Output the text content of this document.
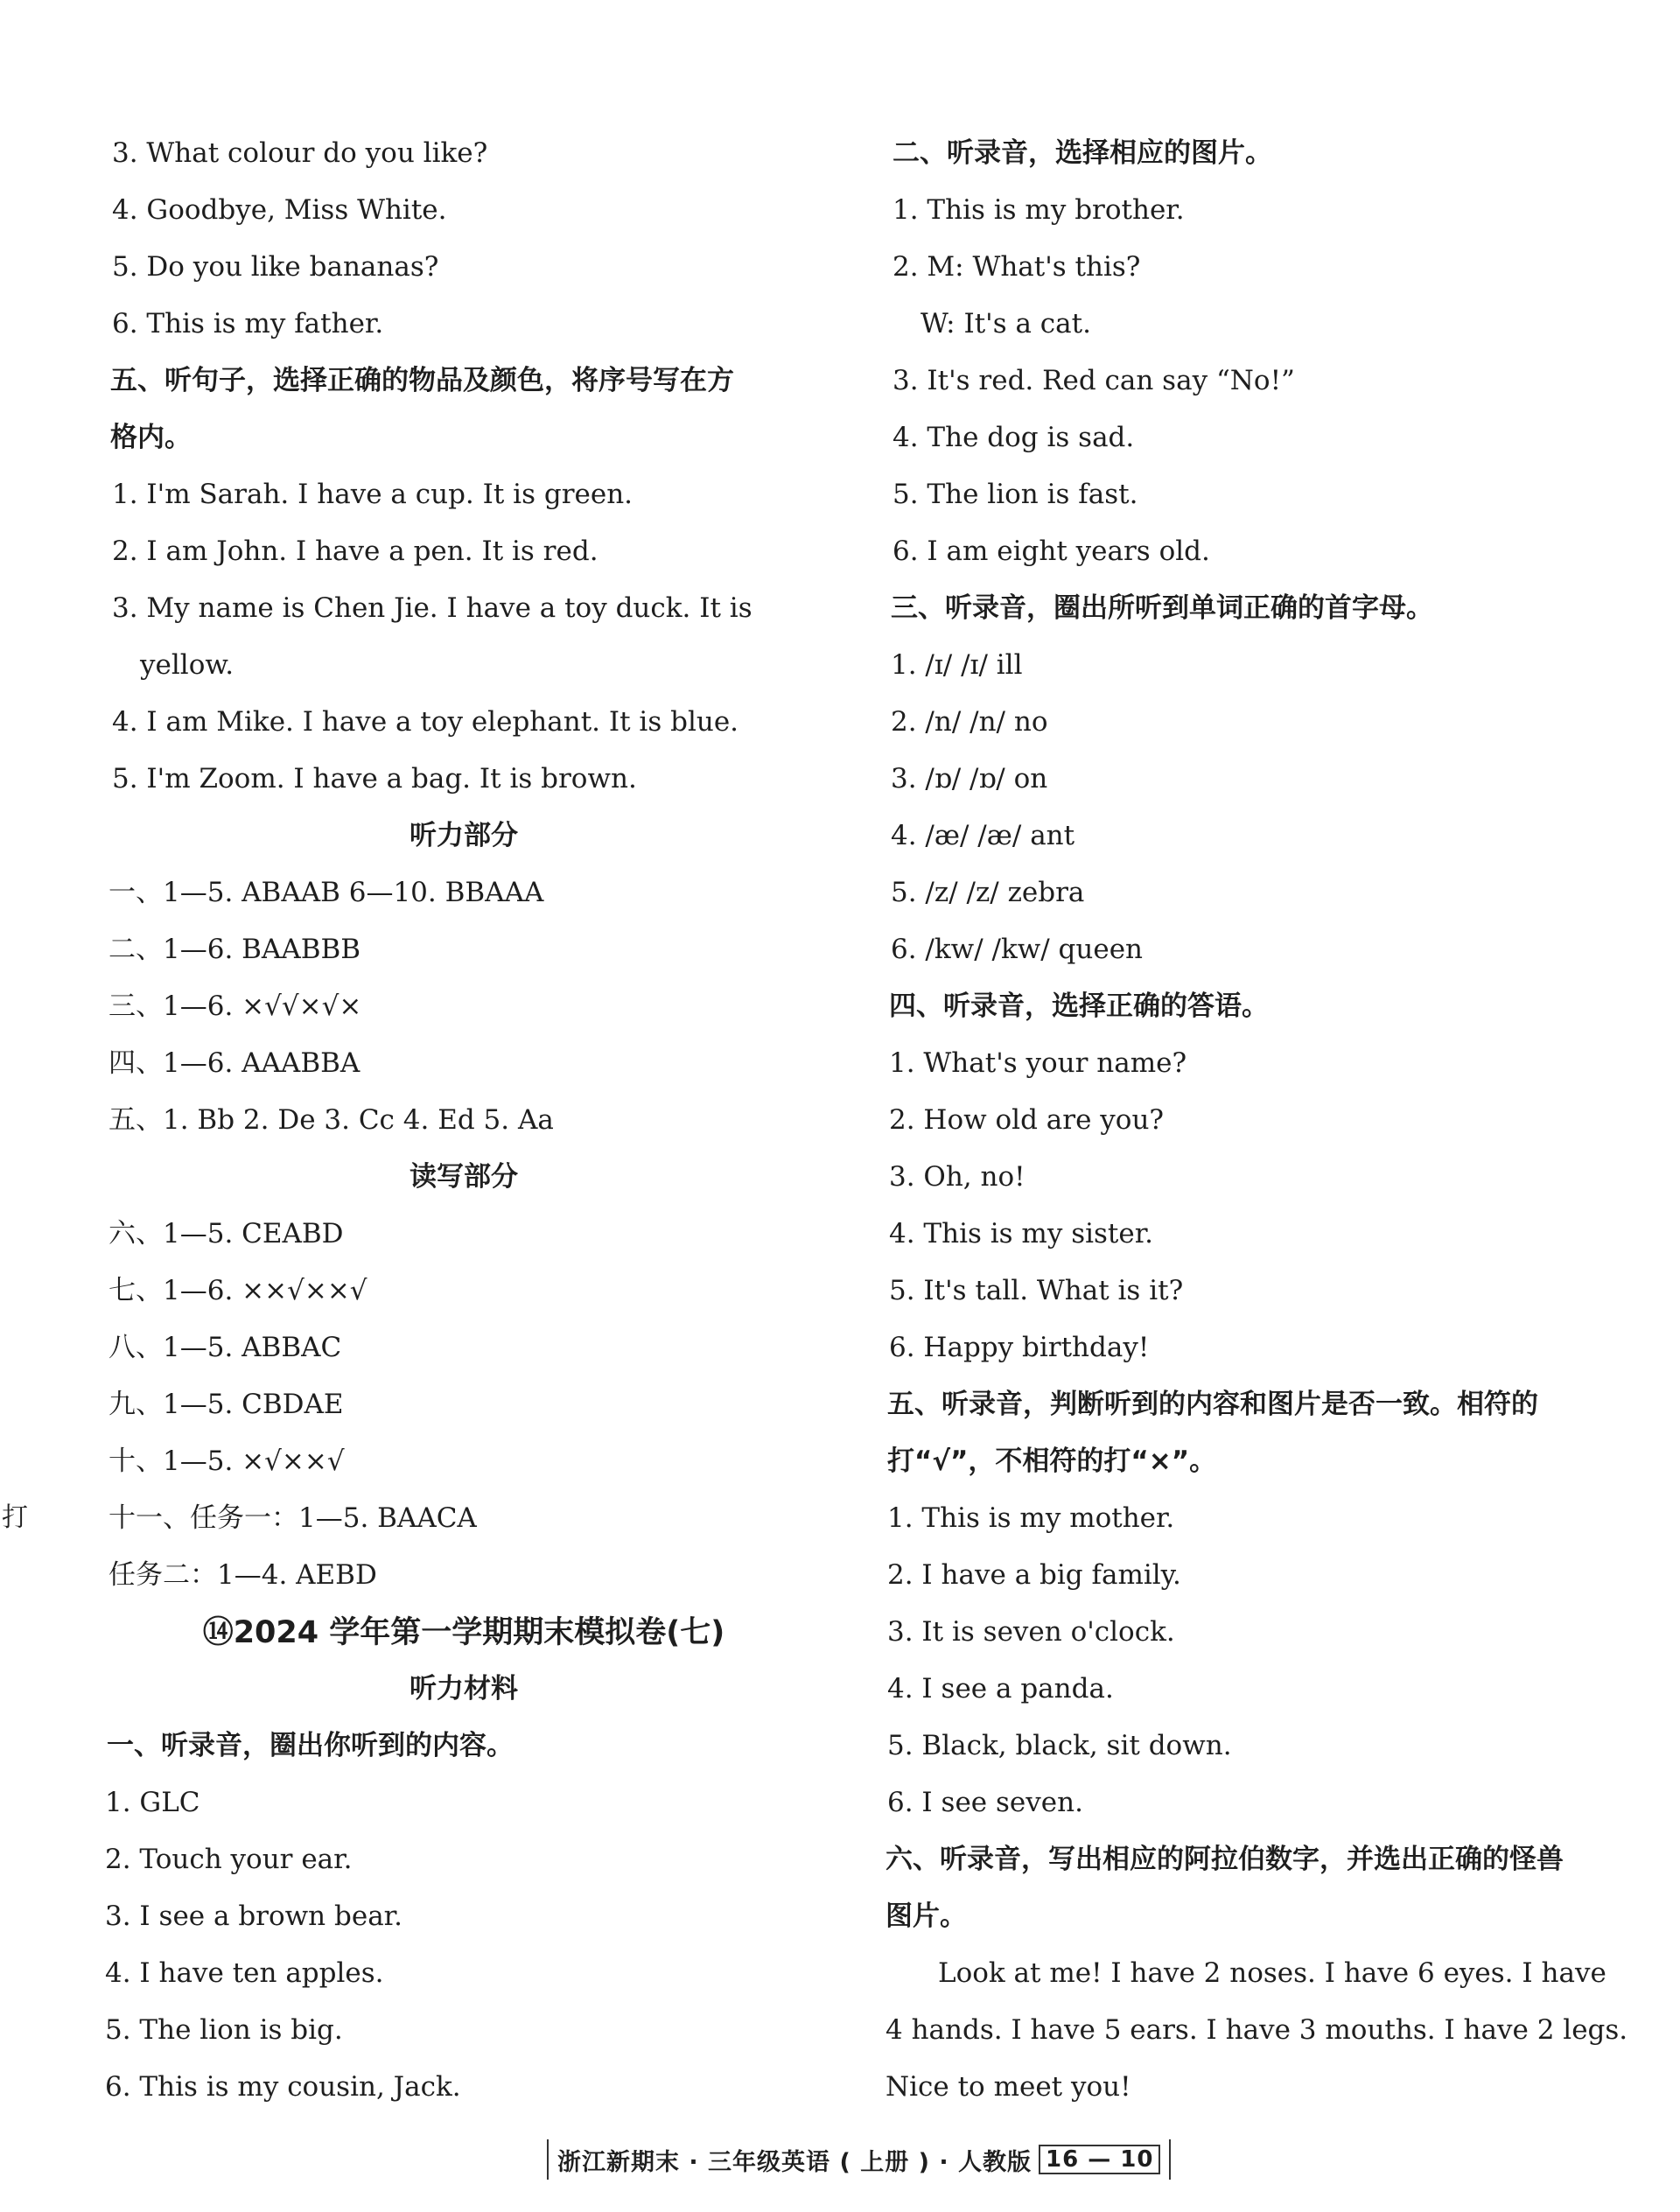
3. What colour do you like?
4. Goodbye, Miss White.
5. Do you like bananas?
6. This is my father.
五、听句子，选择正确的物品及颜色，将序号写在方
格内。
1. I'm Sarah. I have a cup. It is green.
2. I am John. I have a pen. It is red.
3. My name is Chen Jie. I have a toy duck. It is
yellow.
4. I am Mike. I have a toy elephant. It is blue.
5. I'm Zoom. I have a bag. It is brown.
听力部分
一、1—5. ABAAB 6—10. BBAAA
二、1—6. BAABBB
三、1—6. ×√√×√×
四、1—6. AAABBA
五、1. Bb 2. De 3. Cc 4. Ed 5. Aa
读写部分
六、1—5. CEABD
七、1—6. ××√××√
八、1—5. ABBAC
九、1—5. CBDAE
十、1—5. ×√××√
十一、任务一：1—5. BAACA
任务二：1—4. AEBD
⑭2024 学年第一学期期末模拟卷(七)
听力材料
一、听录音，圈出你听到的内容。
1. GLC
2. Touch your ear.
3. I see a brown bear.
4. I have ten apples.
5. The lion is big.
6. This is my cousin, Jack.
二、听录音，选择相应的图片。
1. This is my brother.
2. M: What's this?
W: It's a cat.
3. It's red. Red can say “No!”
4. The dog is sad.
5. The lion is fast.
6. I am eight years old.
三、听录音，圈出所听到单词正确的首字母。
1. /ɪ/ /ɪ/ ill
2. /n/ /n/ no
3. /ɒ/ /ɒ/ on
4. /æ/ /æ/ ant
5. /z/ /z/ zebra
6. /kw/ /kw/ queen
四、听录音，选择正确的答语。
1. What's your name?
2. How old are you?
3. Oh, no!
4. This is my sister.
5. It's tall. What is it?
6. Happy birthday!
五、听录音，判断听到的内容和图片是否一致。相符的
打“√”，不相符的打“×”。
1. This is my mother.
2. I have a big family.
3. It is seven o'clock.
4. I see a panda.
5. Black, black, sit down.
6. I see seven.
六、听录音，写出相应的阿拉伯数字，并选出正确的怪兽
图片。
Look at me! I have 2 noses. I have 6 eyes. I have
4 hands. I have 5 ears. I have 3 mouths. I have 2 legs.
Nice to meet you!
打
浙江新期末 · 三年级英语 ( 上册 ) · 人教版 16 — 10
